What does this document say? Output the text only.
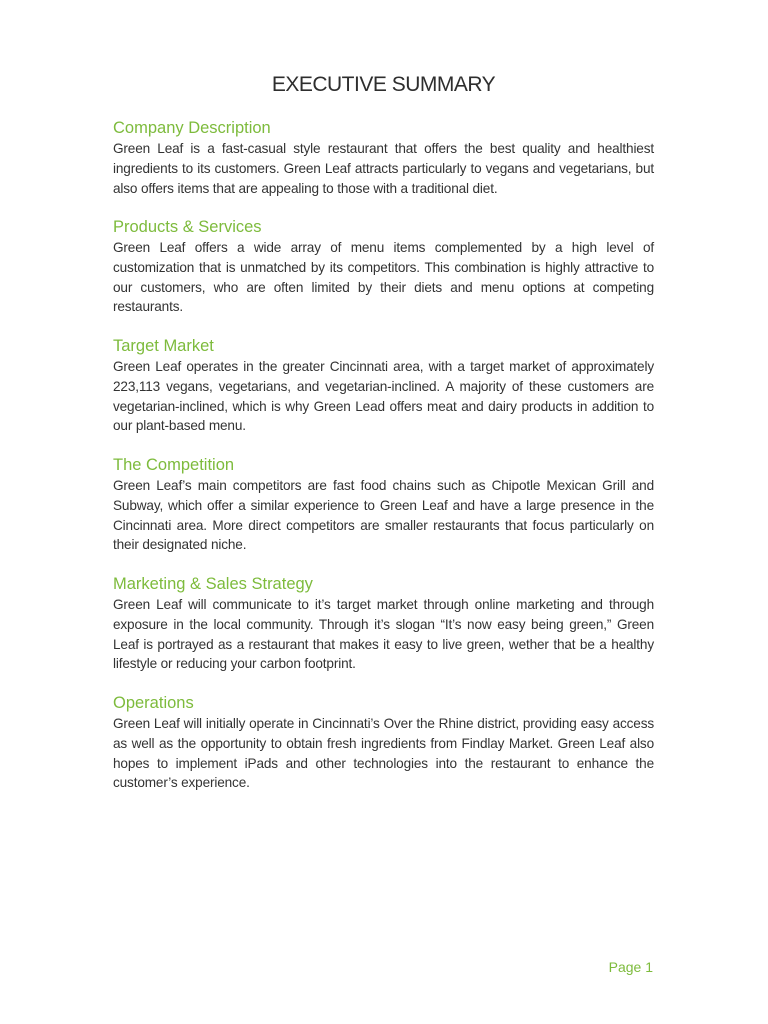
EXECUTIVE SUMMARY
Company Description

Green Leaf is a fast-casual style restaurant that offers the best quality and healthiest ingredients to its customers. Green Leaf attracts particularly to vegans and vegetarians, but also offers items that are appealing to those with a traditional diet.

Products & Services

Green Leaf offers a wide array of menu items complemented by a high level of customization that is unmatched by its competitors. This combination is highly attractive to our customers, who are often limited by their diets and menu options at competing restaurants.

Target Market

Green Leaf operates in the greater Cincinnati area, with a target market of approximately 223,113 vegans, vegetarians, and vegetarian-inclined. A majority of these customers are vegetarian-inclined, which is why Green Lead offers meat and dairy products in addition to our plant-based menu.

The Competition

Green Leaf’s main competitors are fast food chains such as Chipotle Mexican Grill and Subway, which offer a similar experience to Green Leaf and have a large presence in the Cincinnati area. More direct competitors are smaller restaurants that focus particularly on their designated niche.

Marketing & Sales Strategy

Green Leaf will communicate to it’s target market through online marketing and through exposure in the local community. Through it’s slogan “It’s now easy being green,” Green Leaf is portrayed as a restaurant that makes it easy to live green, wether that be a healthy lifestyle or reducing your carbon footprint.

Operations

Green Leaf will initially operate in Cincinnati’s Over the Rhine district, providing easy access as well as the opportunity to obtain fresh ingredients from Findlay Market. Green Leaf also hopes to implement iPads and other technologies into the restaurant to enhance the customer’s experience.

Page 1
